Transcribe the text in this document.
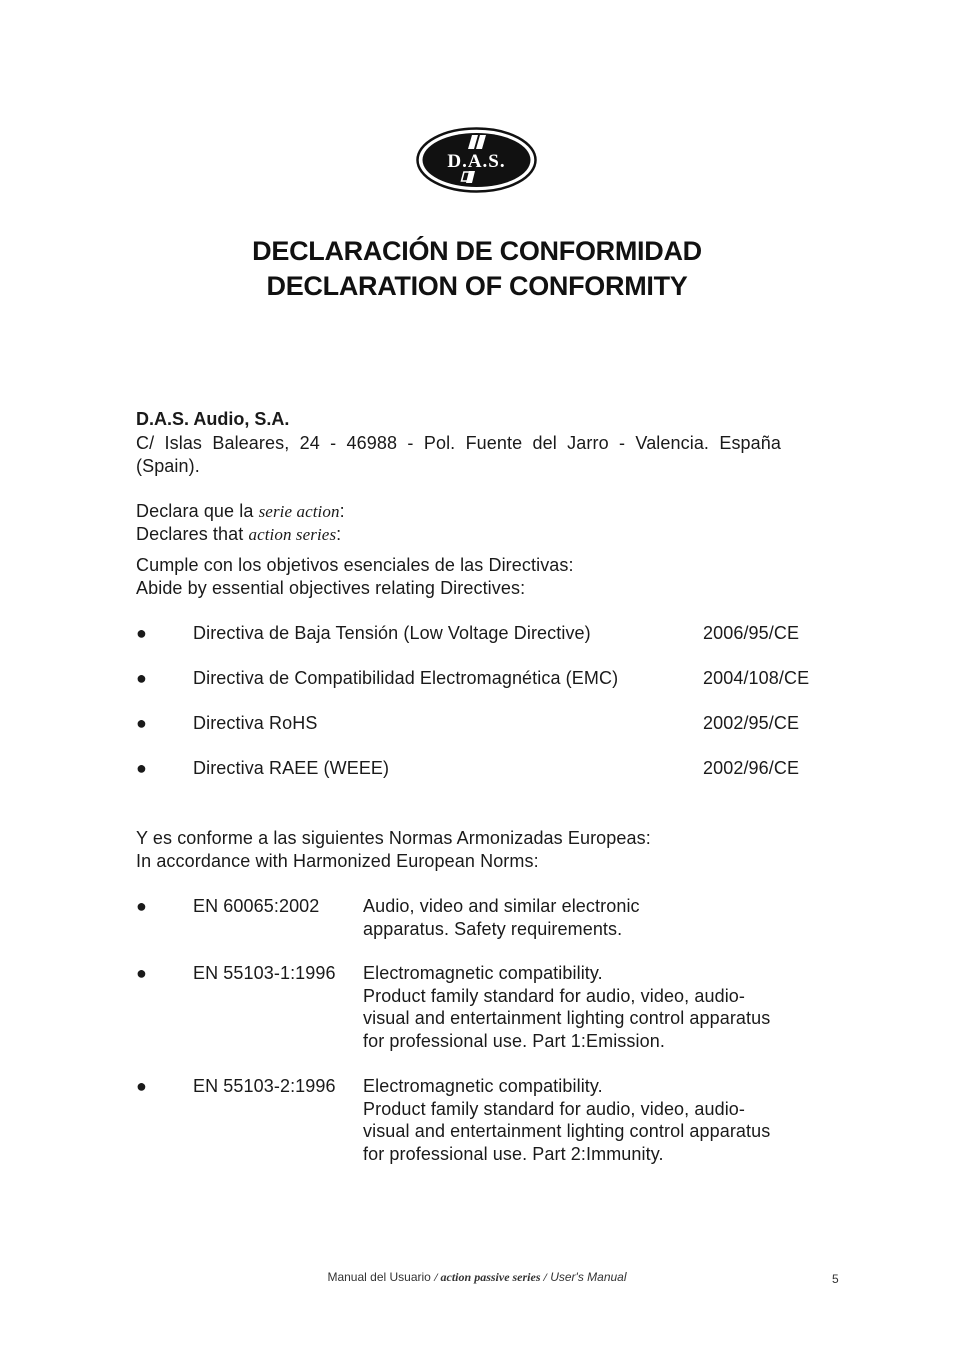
D.A.S.
DECLARACIÓN DE CONFORMIDAD
DECLARATION OF CONFORMITY
D.A.S. Audio, S.A.
C/ Islas Baleares, 24 - 46988 - Pol. Fuente del Jarro - Valencia. España (Spain).
Declara que la serie action:
Declares that action series:
Cumple con los objetivos esenciales de las Directivas:
Abide by essential objectives relating Directives:
●	Directiva de Baja Tensión (Low Voltage Directive)	2006/95/CE
●	Directiva de Compatibilidad Electromagnética (EMC)	2004/108/CE
●	Directiva RoHS	2002/95/CE
●	Directiva RAEE (WEEE)	2002/96/CE
Y es conforme a las siguientes Normas Armonizadas Europeas:
In accordance with Harmonized European Norms:
●	EN 60065:2002 Audio, video and similar electronic
apparatus. Safety requirements.
●	EN 55103-1:1996 Electromagnetic compatibility.
Product family standard for audio, video, audio-
visual and entertainment lighting control apparatus
for professional use. Part 1:Emission.
●	EN 55103-2:1996 Electromagnetic compatibility.
Product family standard for audio, video, audio-
visual and entertainment lighting control apparatus
for professional use. Part 2:Immunity.
Manual del Usuario / action passive series / User's Manual	5
